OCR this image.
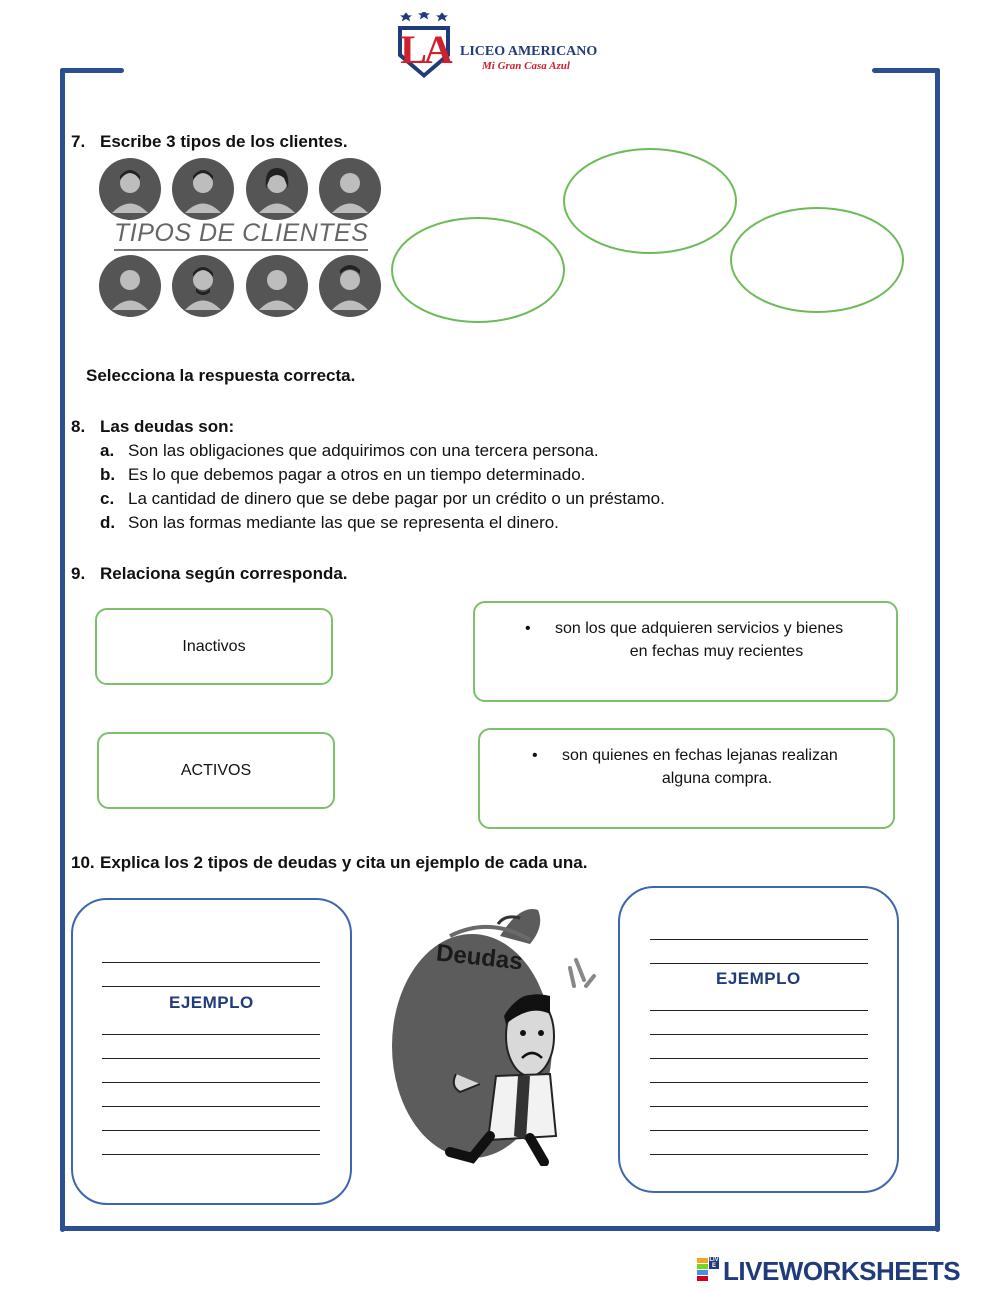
LA LICEO AMERICANO
Mi Gran Casa Azul
7. Escribe 3 tipos de los clientes.
TIPOS DE CLIENTES
Selecciona la respuesta correcta.
8. Las deudas son:
a. Son las obligaciones que adquirimos con una tercera persona.
b. Es lo que debemos pagar a otros en un tiempo determinado.
c. La cantidad de dinero que se debe pagar por un crédito o un préstamo.
d. Son las formas mediante las que se representa el dinero.
9. Relaciona según corresponda.
Inactivos
ACTIVOS
• son los que adquieren servicios y bienes
en fechas muy recientes
• son quienes en fechas lejanas realizan
alguna compra.
10. Explica los 2 tipos de deudas y cita un ejemplo de cada una.
EJEMPLO
Deudas
EJEMPLO
LIVE LIVEWORKSHEETS
